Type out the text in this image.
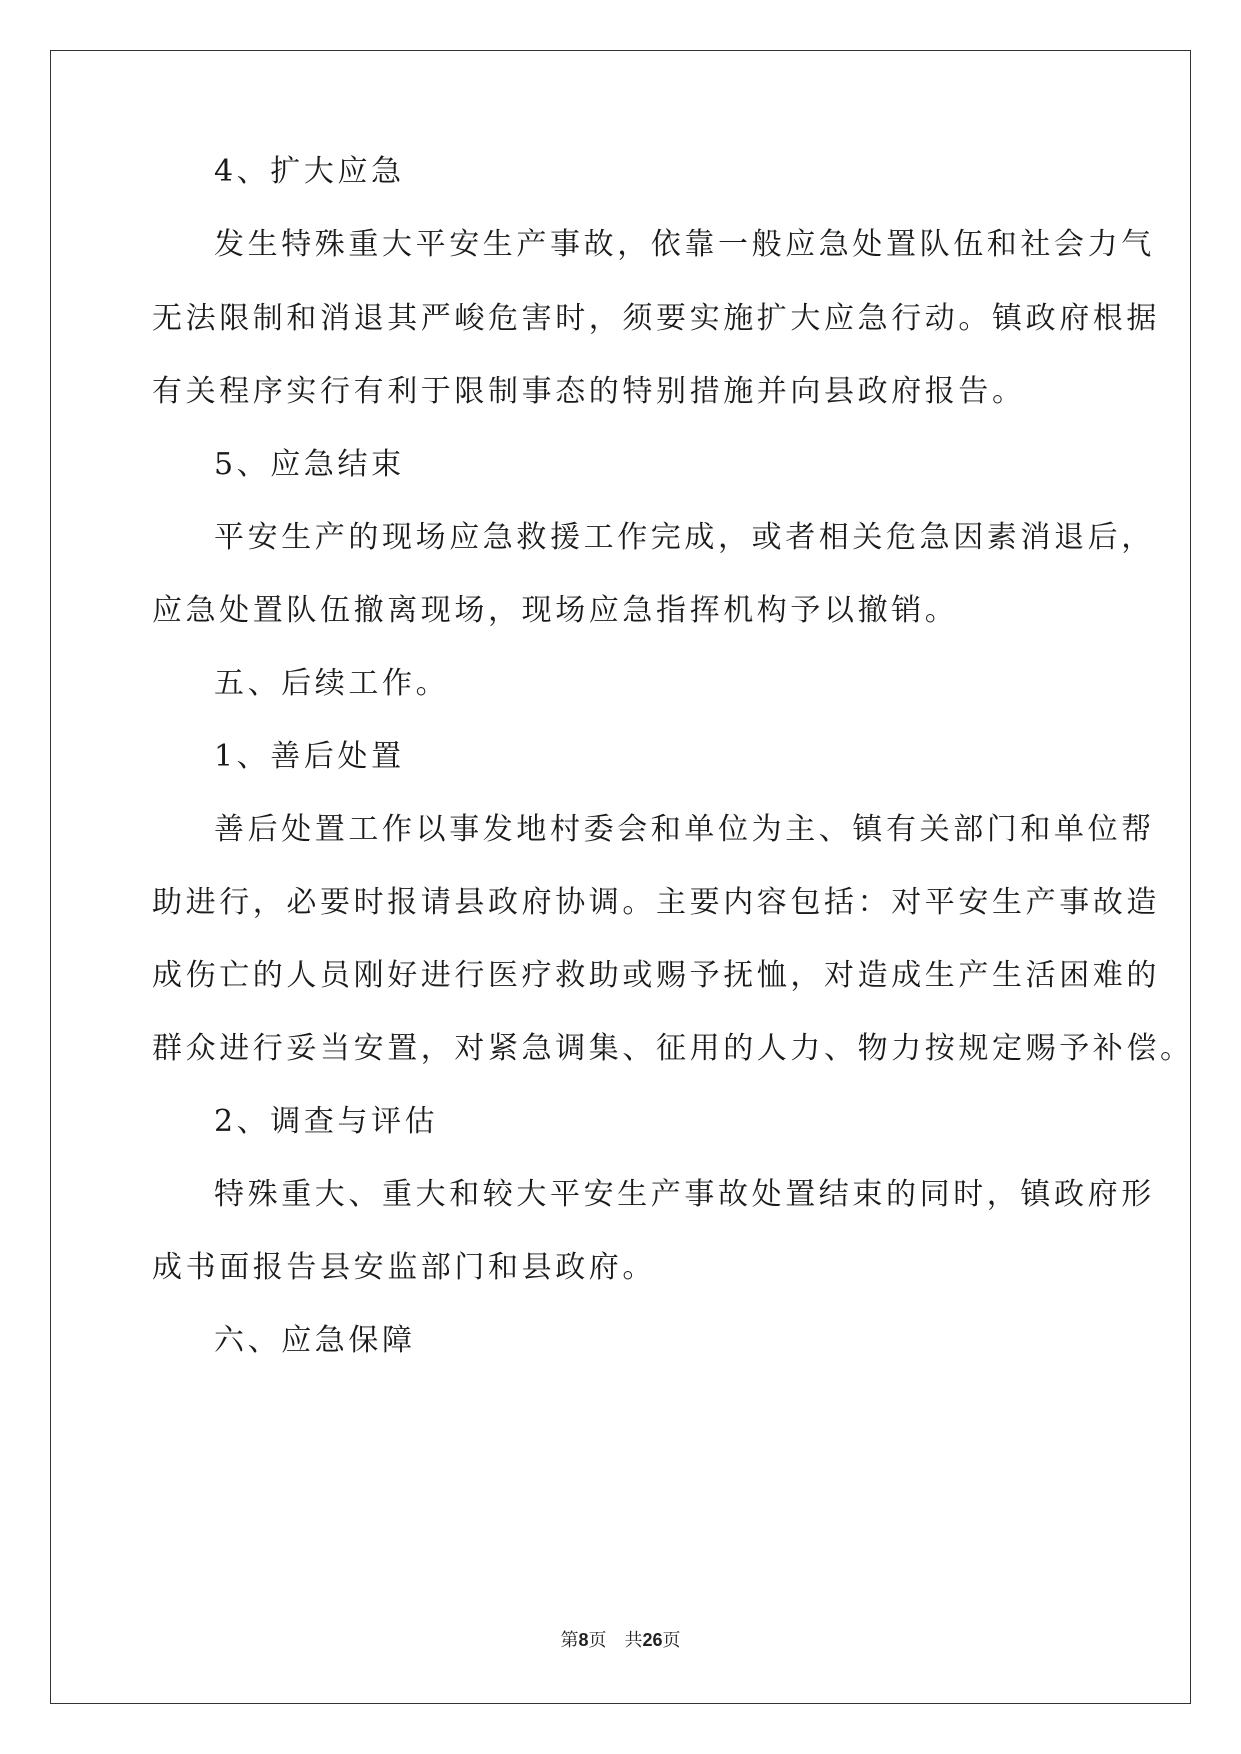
4、扩大应急
发生特殊重大平安生产事故，依靠一般应急处置队伍和社会力气
无法限制和消退其严峻危害时，须要实施扩大应急行动。镇政府根据
有关程序实行有利于限制事态的特别措施并向县政府报告。
5、应急结束
平安生产的现场应急救援工作完成，或者相关危急因素消退后，
应急处置队伍撤离现场，现场应急指挥机构予以撤销。
五、后续工作。
1、善后处置
善后处置工作以事发地村委会和单位为主、镇有关部门和单位帮
助进行，必要时报请县政府协调。主要内容包括：对平安生产事故造
成伤亡的人员刚好进行医疗救助或赐予抚恤，对造成生产生活困难的
群众进行妥当安置，对紧急调集、征用的人力、物力按规定赐予补偿。
2、调查与评估
特殊重大、重大和较大平安生产事故处置结束的同时，镇政府形
成书面报告县安监部门和县政府。
六、应急保障
第8页 共26页
